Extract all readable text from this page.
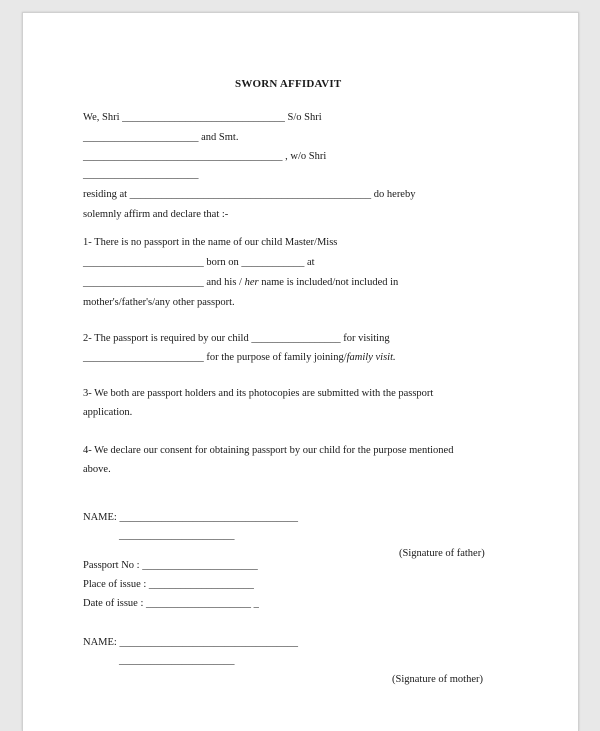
SWORN AFFIDAVIT
We, Shri _______________________________ S/o Shri
______________________ and Smt.
______________________________________ , w/o Shri
______________________
residing at ______________________________________________ do hereby
solemnly affirm and declare that :-
1- There is no passport in the name of our child Master/Miss
_______________________ born on ____________ at
_______________________ and his / her name is included/not included in
mother's/father's/any other passport.
2- The passport is required by our child _________________ for visiting
_______________________ for the purpose of family joining/family visit.
3- We both are passport holders and its photocopies are submitted with the passport
application.
4- We declare our consent for obtaining passport by our child for the purpose mentioned
above.
NAME: __________________________________
______________________
(Signature of father)
Passport No : ______________________
Place of issue : ____________________
Date of issue : ____________________ _
NAME: __________________________________
______________________
(Signature of mother)
